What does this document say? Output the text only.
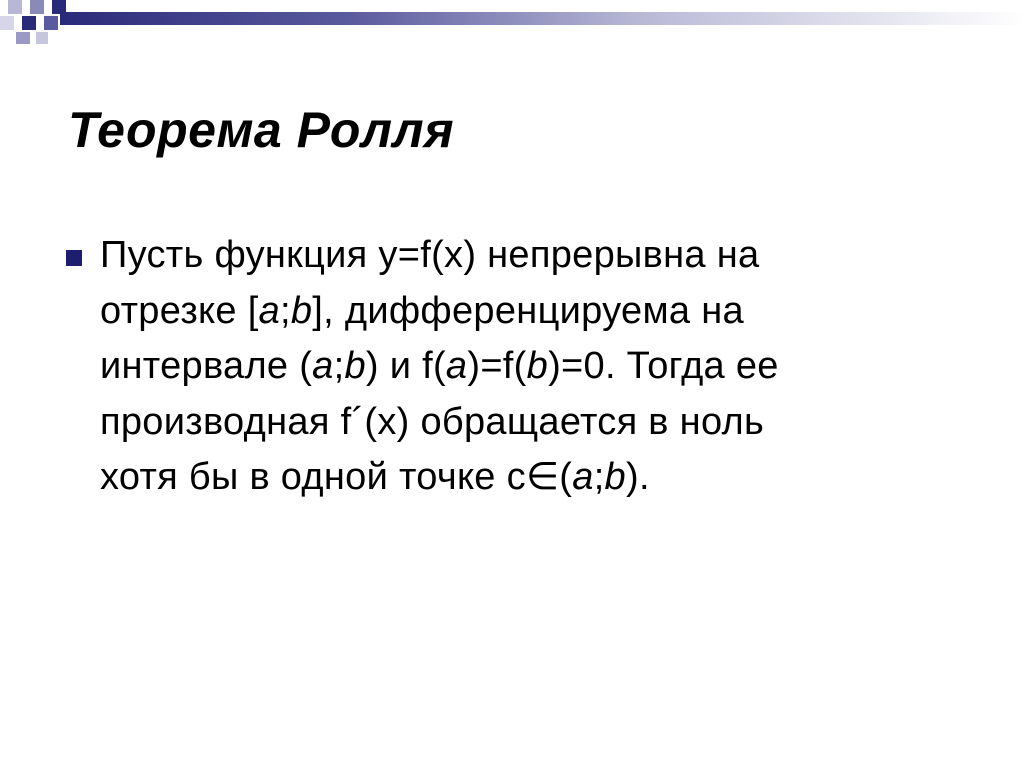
Теорема Ролля
Пусть функция y=f(x) непрерывна на
отрезке [a;b], дифференцируема на
интервале (a;b) и f(a)=f(b)=0. Тогда ее
производная f´(x) обращается в ноль
хотя бы в одной точке c∈(a;b).
